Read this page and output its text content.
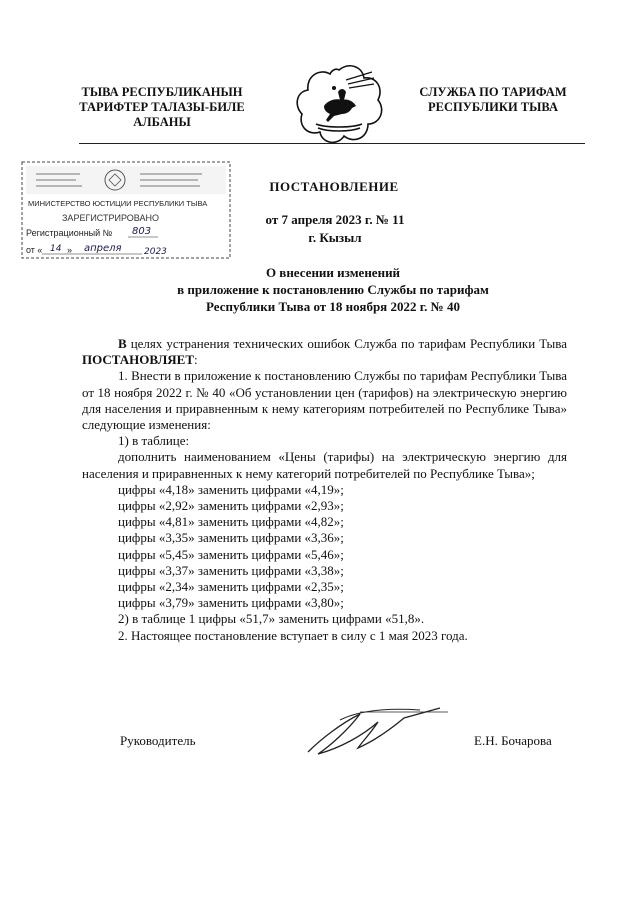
ТЫВА РЕСПУБЛИКАНЫН
ТАРИФТЕР ТАЛАЗЫ-БИЛЕ
АЛБАНЫ
СЛУЖБА ПО ТАРИФАМ
РЕСПУБЛИКИ ТЫВА
МИНИСТЕРСТВО ЮСТИЦИИ РЕСПУБЛИКИ ТЫВА
ЗАРЕГИСТРИРОВАНО
Регистрационный № 803
от « 14 » апреля 2023
ПОСТАНОВЛЕНИЕ
от 7 апреля 2023 г. № 11
г. Кызыл
О внесении изменений
в приложение к постановлению Службы по тарифам
Республики Тыва от 18 ноября 2022 г. № 40

В целях устранения технических ошибок Служба по тарифам Республики Тыва ПОСТАНОВЛЯЕТ:

1. Внести в приложение к постановлению Службы по тарифам Республики Тыва от 18 ноября 2022 г. № 40 «Об установлении цен (тарифов) на электрическую энергию для населения и приравненным к нему категориям потребителей по Республике Тыва» следующие изменения:

1) в таблице:

дополнить наименованием «Цены (тарифы) на электрическую энергию для населения и приравненных к нему категорий потребителей по Республике Тыва»;

цифры «4,18» заменить цифрами «4,19»;

цифры «2,92» заменить цифрами «2,93»;

цифры «4,81» заменить цифрами «4,82»;

цифры «3,35» заменить цифрами «3,36»;

цифры «5,45» заменить цифрами «5,46»;

цифры «3,37» заменить цифрами «3,38»;

цифры «2,34» заменить цифрами «2,35»;

цифры «3,79» заменить цифрами «3,80»;

2) в таблице 1 цифры «51,7» заменить цифрами «51,8».

2. Настоящее постановление вступает в силу с 1 мая 2023 года.

Руководитель	Е.Н. Бочарова
